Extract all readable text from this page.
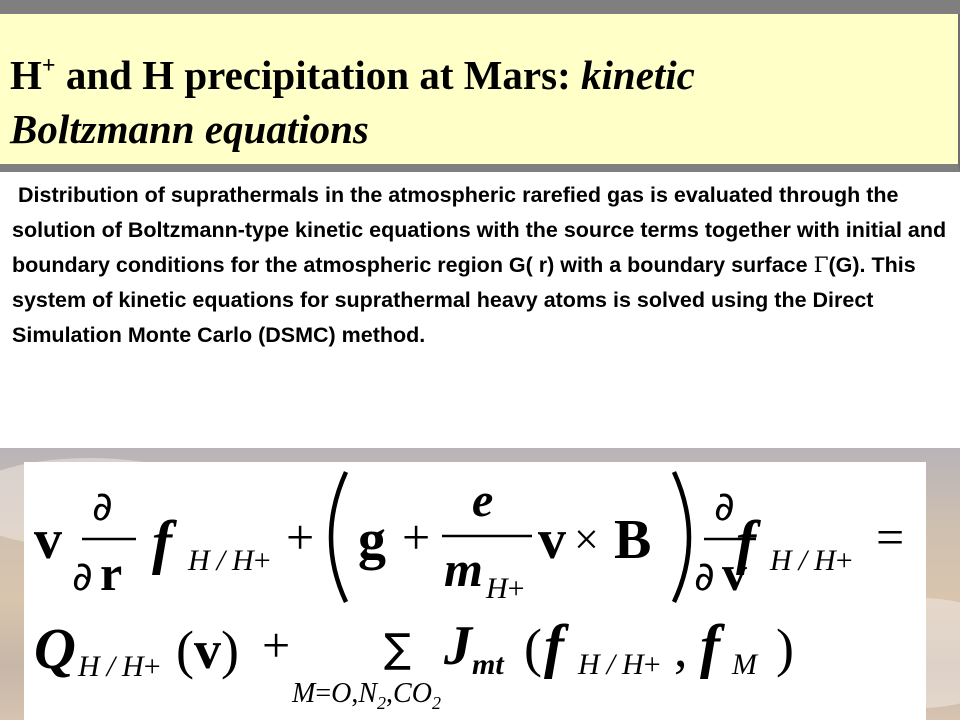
H+ and H precipitation at Mars: kinetic
Boltzmann equations

Distribution of suprathermals in the atmospheric rarefied gas is evaluated through the solution of Boltzmann-type kinetic equations with the source terms together with initial and boundary conditions for the atmospheric region G( r) with a boundary surface Γ(G). This system of kinetic equations for suprathermal heavy atoms is solved using the Direct Simulation Monte Carlo (DSMC) method.

v
∂
∂ r f H / H+ + g +
e
m H+
v × B
∂
∂ v
f H / H+ =
Q H / H+ (v) + ∑
$M=O,N_2,CO_2$
J mt ( f H / H+ , f M )
